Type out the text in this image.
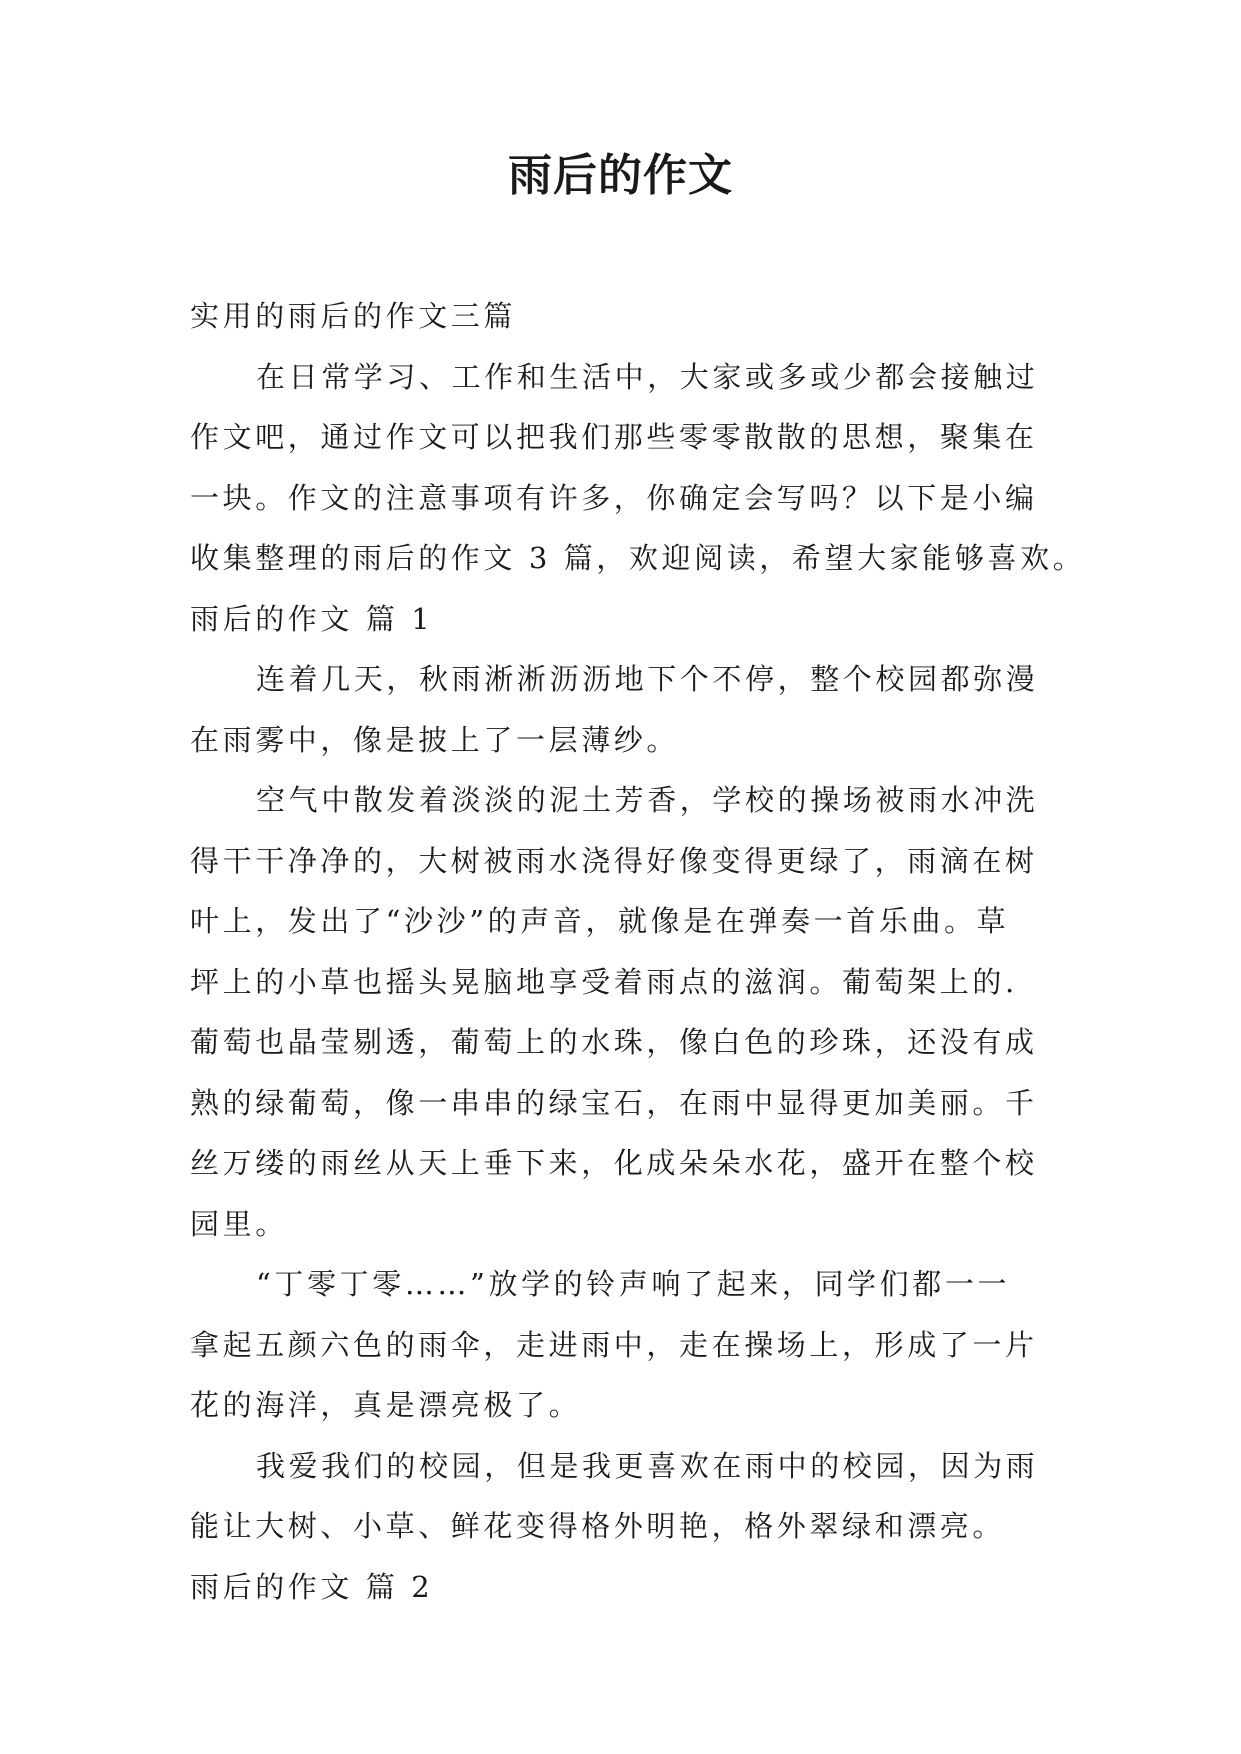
雨后的作文
实用的雨后的作文三篇
在日常学习、工作和生活中，大家或多或少都会接触过
作文吧，通过作文可以把我们那些零零散散的思想，聚集在
一块。作文的注意事项有许多，你确定会写吗？以下是小编
收集整理的雨后的作文 3 篇，欢迎阅读，希望大家能够喜欢。
雨后的作文 篇 1
连着几天，秋雨淅淅沥沥地下个不停，整个校园都弥漫
在雨雾中，像是披上了一层薄纱。
空气中散发着淡淡的泥土芳香，学校的操场被雨水冲洗
得干干净净的，大树被雨水浇得好像变得更绿了，雨滴在树
叶上，发出了“沙沙”的声音，就像是在弹奏一首乐曲。草
坪上的小草也摇头晃脑地享受着雨点的滋润。葡萄架上的.
葡萄也晶莹剔透，葡萄上的水珠，像白色的珍珠，还没有成
熟的绿葡萄，像一串串的绿宝石，在雨中显得更加美丽。千
丝万缕的雨丝从天上垂下来，化成朵朵水花，盛开在整个校
园里。
“丁零丁零……”放学的铃声响了起来，同学们都一一
拿起五颜六色的雨伞，走进雨中，走在操场上，形成了一片
花的海洋，真是漂亮极了。
我爱我们的校园，但是我更喜欢在雨中的校园，因为雨
能让大树、小草、鲜花变得格外明艳，格外翠绿和漂亮。
雨后的作文 篇 2
